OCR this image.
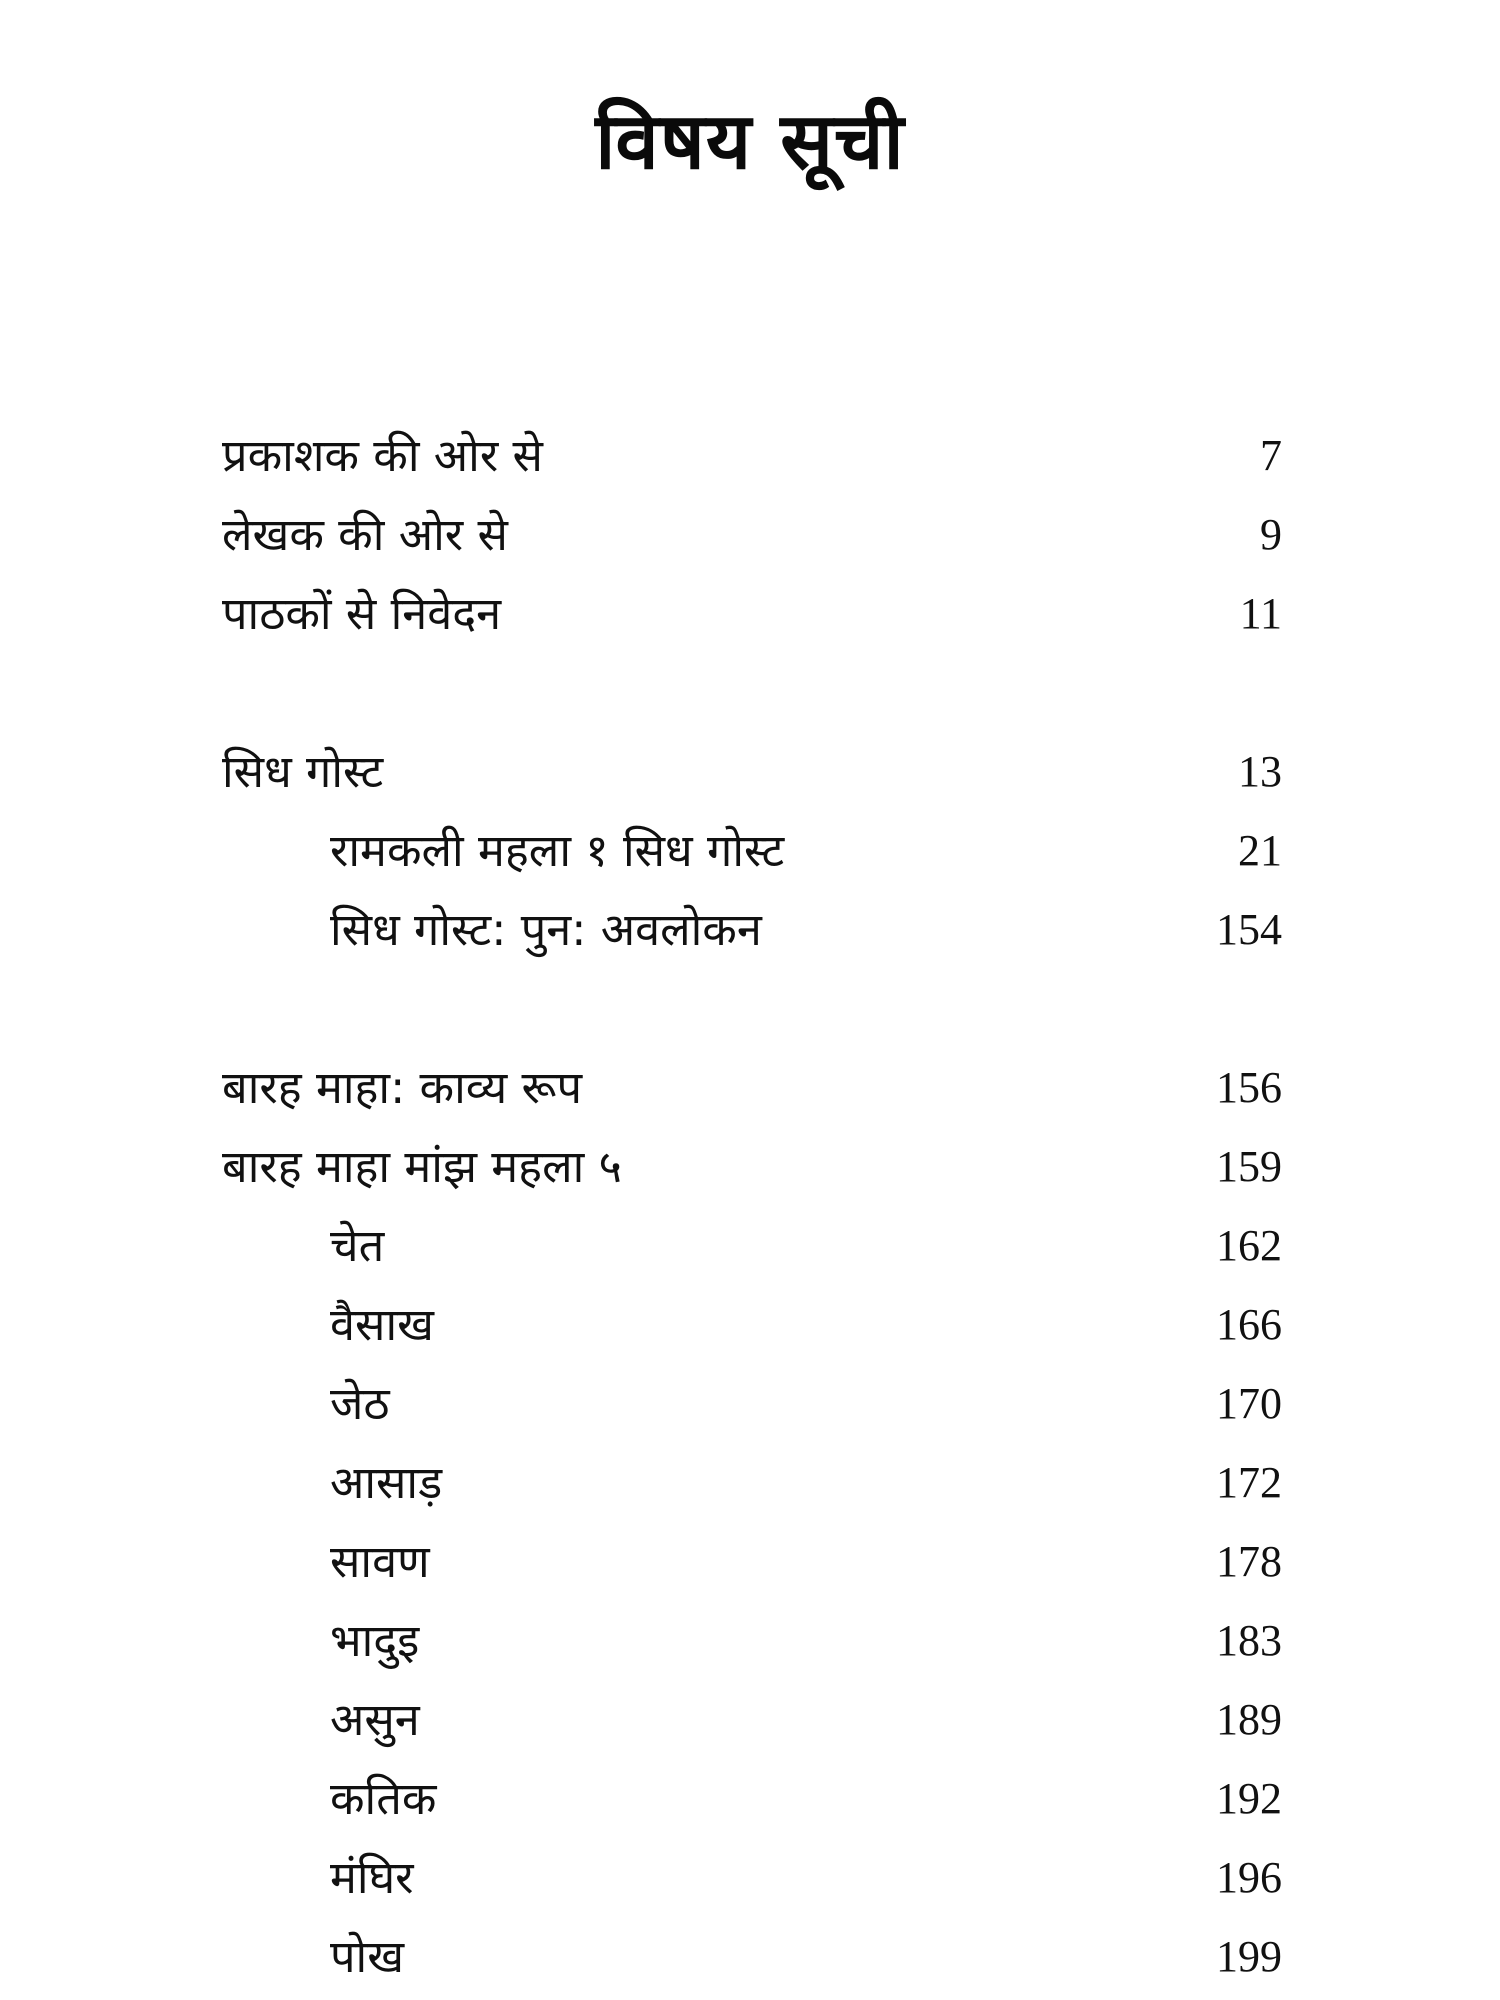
विषय सूची
प्रकाशक की ओर से	7
लेखक की ओर से	9
पाठकों से निवेदन	11
सिध गोस्ट	13
रामकली महला १ सिध गोस्ट	21
सिध गोस्ट: पुन: अवलोकन	154
बारह माहा: काव्य रूप	156
बारह माहा मांझ महला ५	159
चेत	162
वैसाख	166
जेठ	170
आसाड़	172
सावण	178
भादुइ	183
असुन	189
कतिक	192
मंघिर	196
पोख	199
